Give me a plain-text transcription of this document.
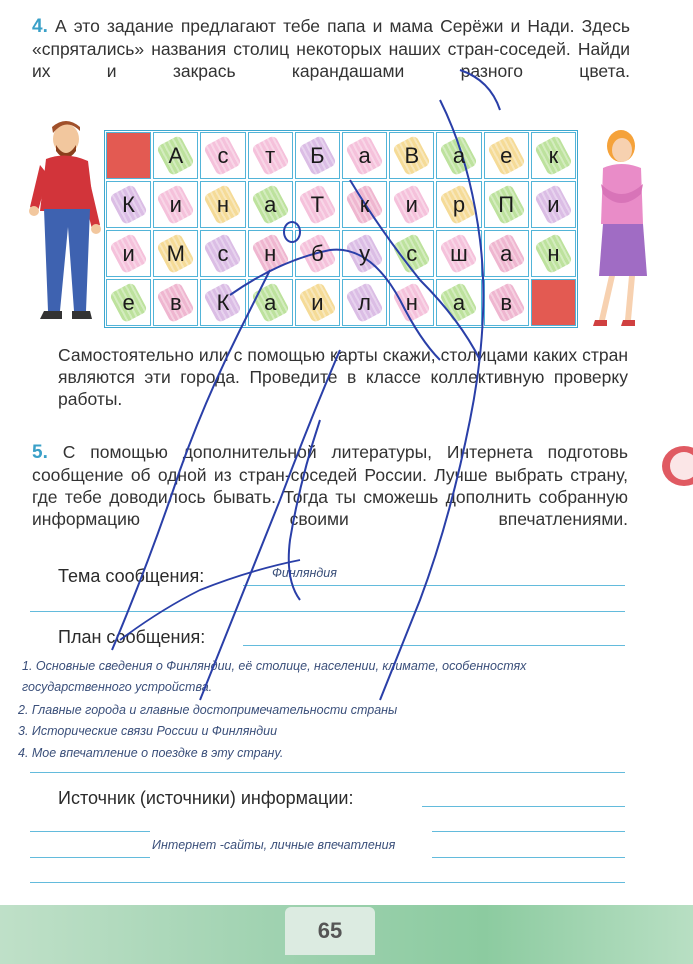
4. А это задание предлагают тебе папа и мама Серёжи и Нади. Здесь «спрятались» названия столиц некоторых наших стран-соседей. Найди их и закрась карандашами разного цвета.
А с т Б а В а е к
К и н а Т к и р П и
и М с н б у с ш а н
е в К а и л н а в
Самостоятельно или с помощью карты скажи, столицами каких стран являются эти города. Проведите в классе коллективную проверку работы.
5. С помощью дополнительной литературы, Интернета подготовь сообщение об одной из стран-соседей России. Лучше выбрать страну, где тебе доводилось бывать. Тогда ты сможешь дополнить собранную информацию своими впечатлениями.
Тема сообщения:	Финляндия
План сообщения:
1. Основные сведения о Финляндии, её столице, населении, климате, особенностях
государственного устройства.
2. Главные города и главные достопримечательности страны
3. Исторические связи России и Финляндии
4. Мое впечатление о поездке в эту страну.
Источник (источники) информации:
Интернет -сайты, личные впечатления
65
